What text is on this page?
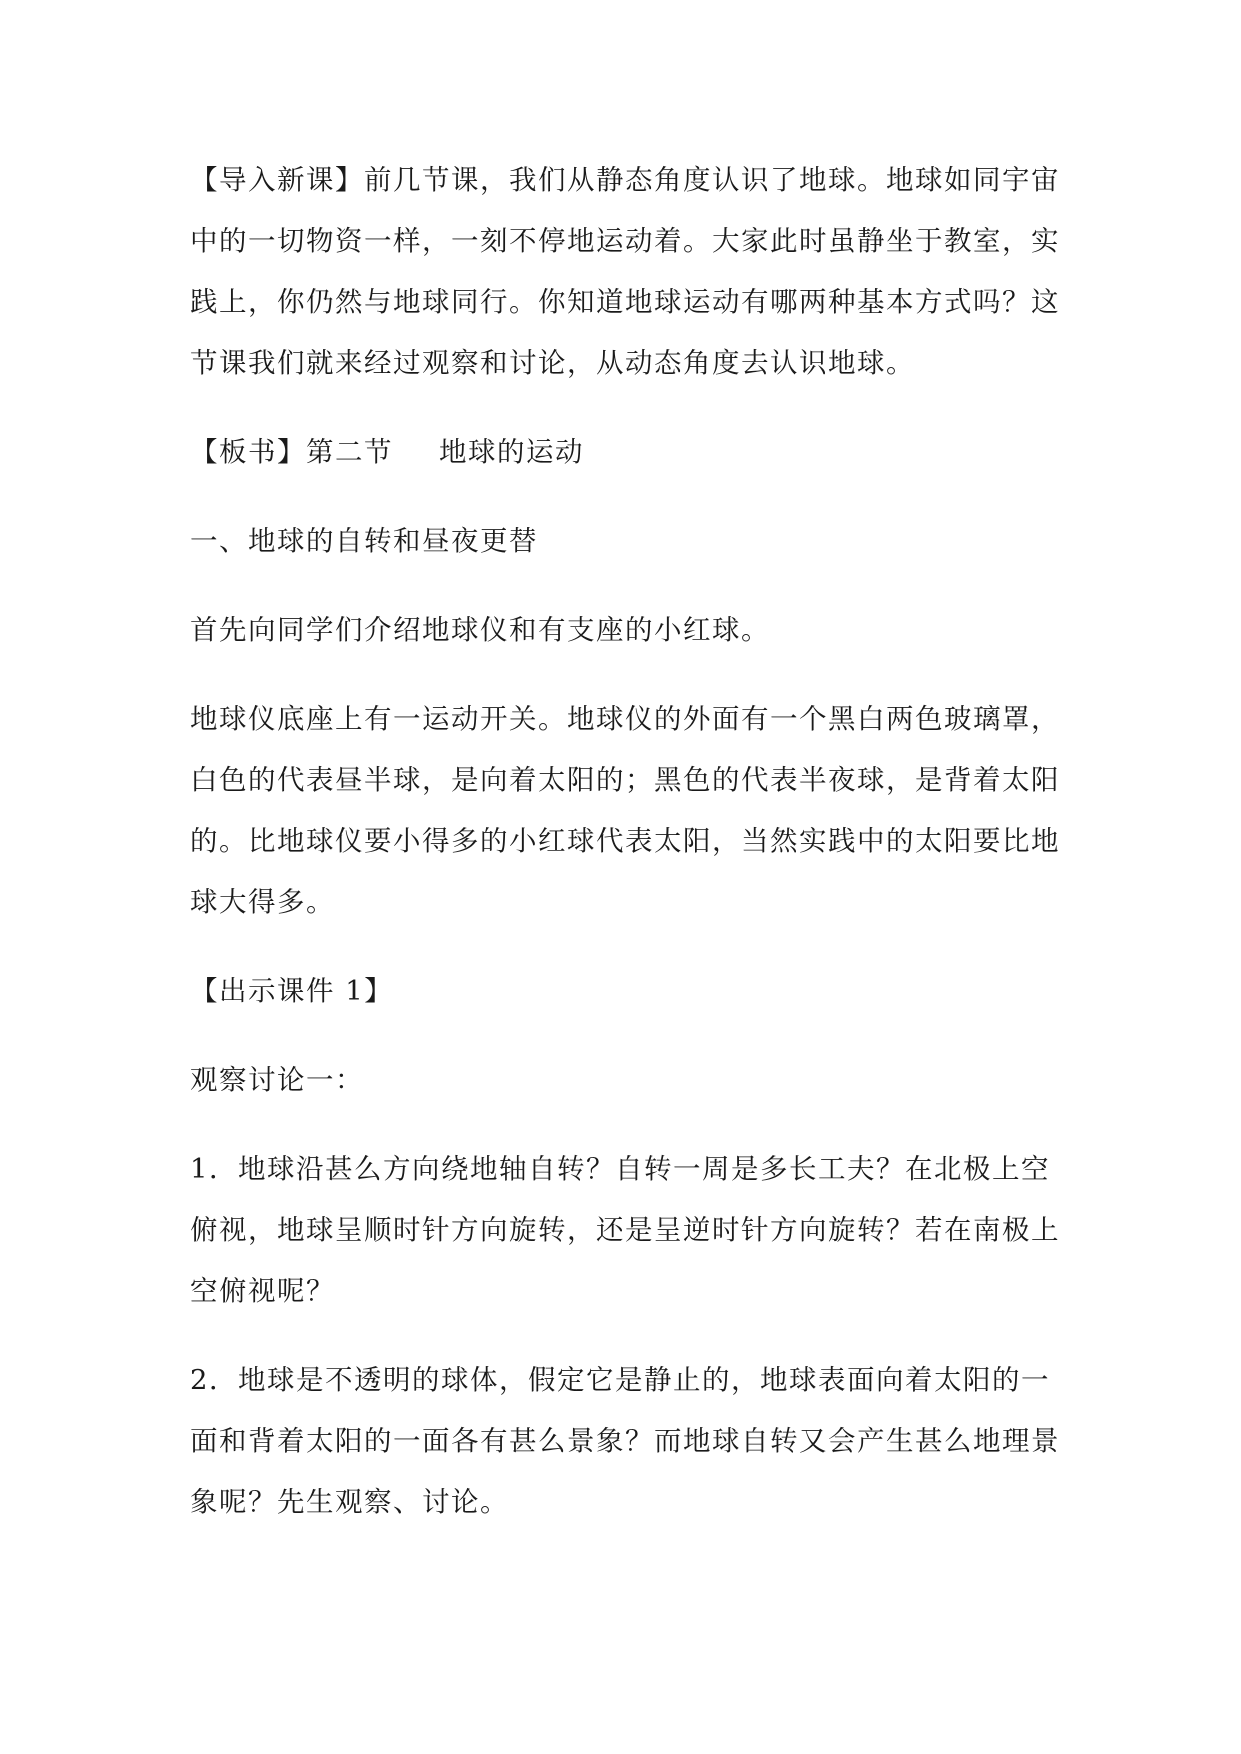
【导入新课】前几节课，我们从静态角度认识了地球。地球如同宇宙中的一切物资一样，一刻不停地运动着。大家此时虽静坐于教室，实践上，你仍然与地球同行。你知道地球运动有哪两种基本方式吗？这节课我们就来经过观察和讨论，从动态角度去认识地球。

【板书】第二节 地球的运动

一、地球的自转和昼夜更替

首先向同学们介绍地球仪和有支座的小红球。

地球仪底座上有一运动开关。地球仪的外面有一个黑白两色玻璃罩，白色的代表昼半球，是向着太阳的；黑色的代表半夜球，是背着太阳的。比地球仪要小得多的小红球代表太阳，当然实践中的太阳要比地球大得多。

【出示课件 1】

观察讨论一：

1．地球沿甚么方向绕地轴自转？自转一周是多长工夫？在北极上空俯视，地球呈顺时针方向旋转，还是呈逆时针方向旋转？若在南极上空俯视呢？

2．地球是不透明的球体，假定它是静止的，地球表面向着太阳的一面和背着太阳的一面各有甚么景象？而地球自转又会产生甚么地理景象呢？先生观察、讨论。
